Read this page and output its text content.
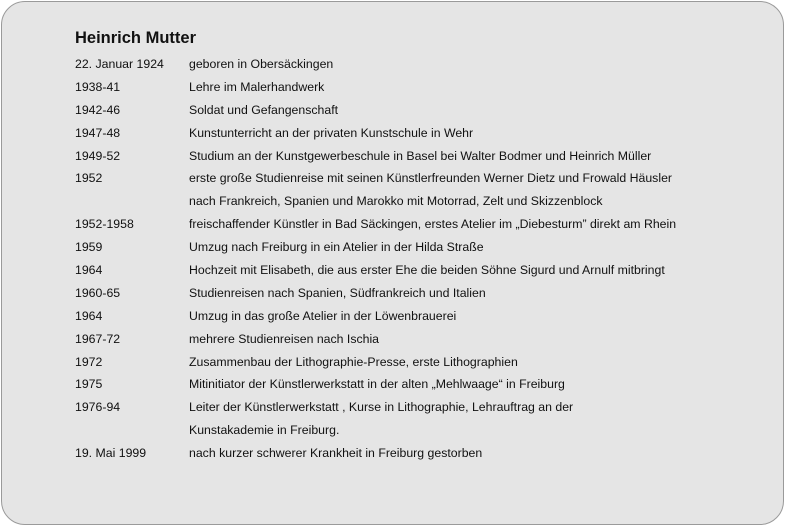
Heinrich Mutter
22. Januar 1924	geboren in Obersäckingen
1938-41	Lehre im Malerhandwerk
1942-46	Soldat und Gefangenschaft
1947-48	Kunstunterricht an der privaten Kunstschule in Wehr
1949-52	Studium an der Kunstgewerbeschule in Basel bei Walter Bodmer und Heinrich Müller
1952	erste große Studienreise mit seinen Künstlerfreunden Werner Dietz und Frowald Häusler
nach Frankreich, Spanien und Marokko mit Motorrad, Zelt und Skizzenblock
1952-1958	freischaffender Künstler in Bad Säckingen, erstes Atelier im „Diebesturm” direkt am Rhein
1959	Umzug nach Freiburg in ein Atelier in der Hilda Straße
1964	Hochzeit mit Elisabeth, die aus erster Ehe die beiden Söhne Sigurd und Arnulf mitbringt
1960-65	Studienreisen nach Spanien, Südfrankreich und Italien
1964	Umzug in das große Atelier in der Löwenbrauerei
1967-72	mehrere Studienreisen nach Ischia
1972	Zusammenbau der Lithographie-Presse, erste Lithographien
1975	Mitinitiator der Künstlerwerkstatt in der alten „Mehlwaage“ in Freiburg
1976-94	Leiter der Künstlerwerkstatt , Kurse in Lithographie, Lehrauftrag an der
Kunstakademie in Freiburg.
19. Mai 1999	nach kurzer schwerer Krankheit in Freiburg gestorben
